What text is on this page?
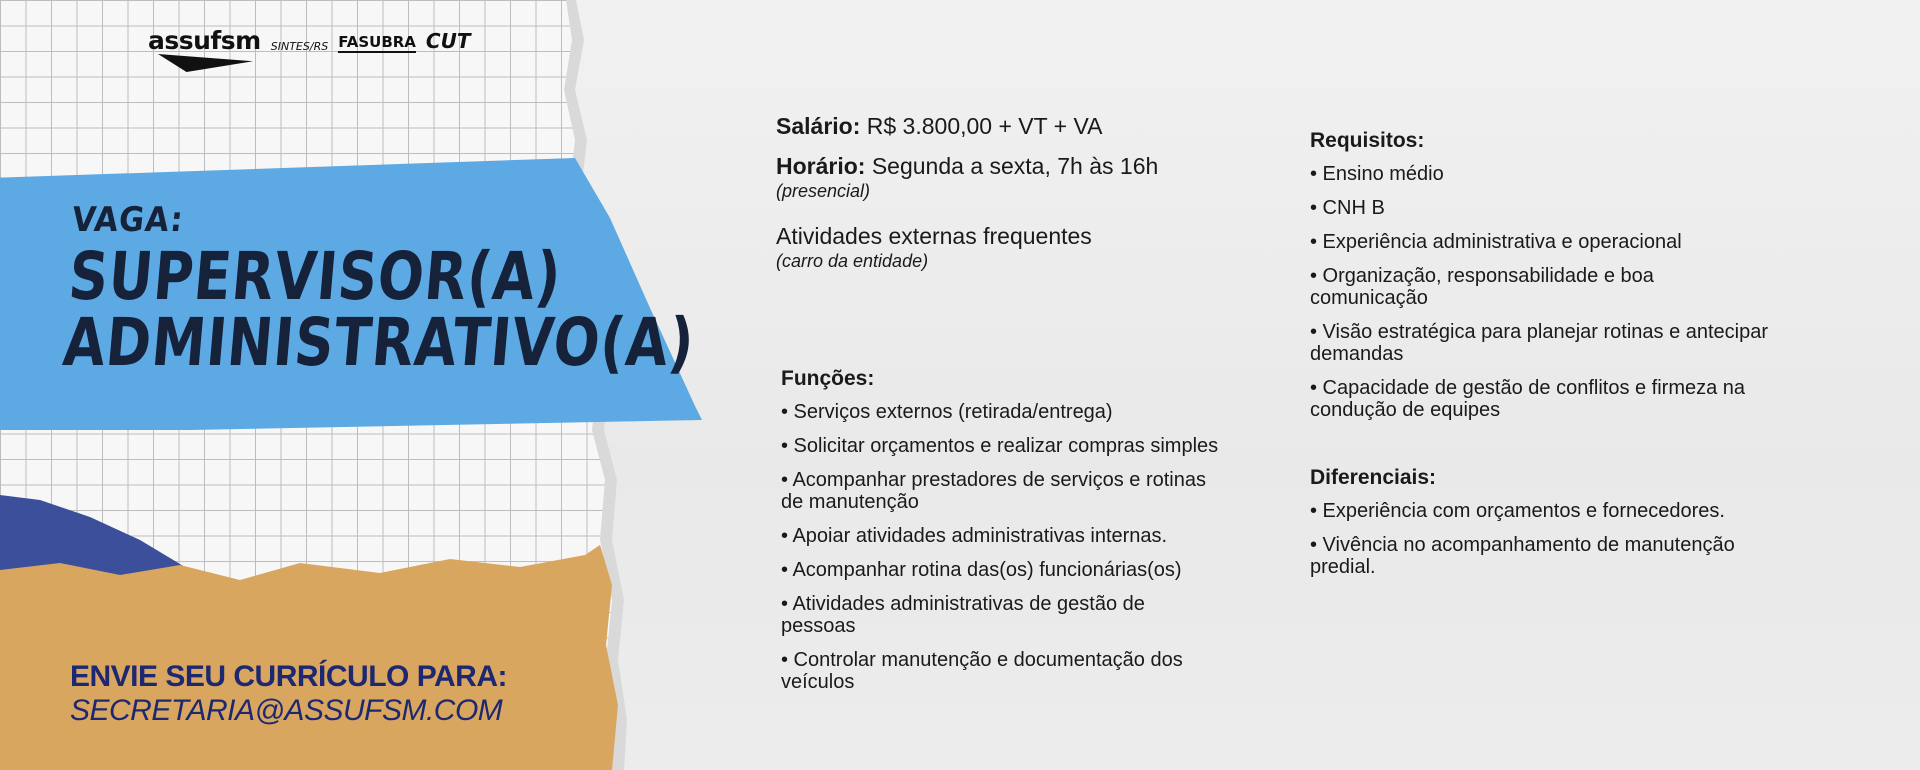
assufsm SINTES/RS FASUBRA CUT
VAGA:
SUPERVISOR(A)
ADMINISTRATIVO(A)
ENVIE SEU CURRÍCULO PARA:
SECRETARIA@ASSUFSM.COM
Salário: R$ 3.800,00 + VT + VA
Horário: Segunda a sexta, 7h às 16h
(presencial)
Atividades externas frequentes
(carro da entidade)
Funções:
• Serviços externos (retirada/entrega)
• Solicitar orçamentos e realizar compras simples
• Acompanhar prestadores de serviços e rotinas de manutenção
• Apoiar atividades administrativas internas.
• Acompanhar rotina das(os) funcionárias(os)
• Atividades administrativas de gestão de pessoas
• Controlar manutenção e documentação dos veículos
Requisitos:
• Ensino médio
• CNH B
• Experiência administrativa e operacional
• Organização, responsabilidade e boa comunicação
• Visão estratégica para planejar rotinas e antecipar demandas
• Capacidade de gestão de conflitos e firmeza na condução de equipes
Diferenciais:
• Experiência com orçamentos e fornecedores.
• Vivência no acompanhamento de manutenção predial.
